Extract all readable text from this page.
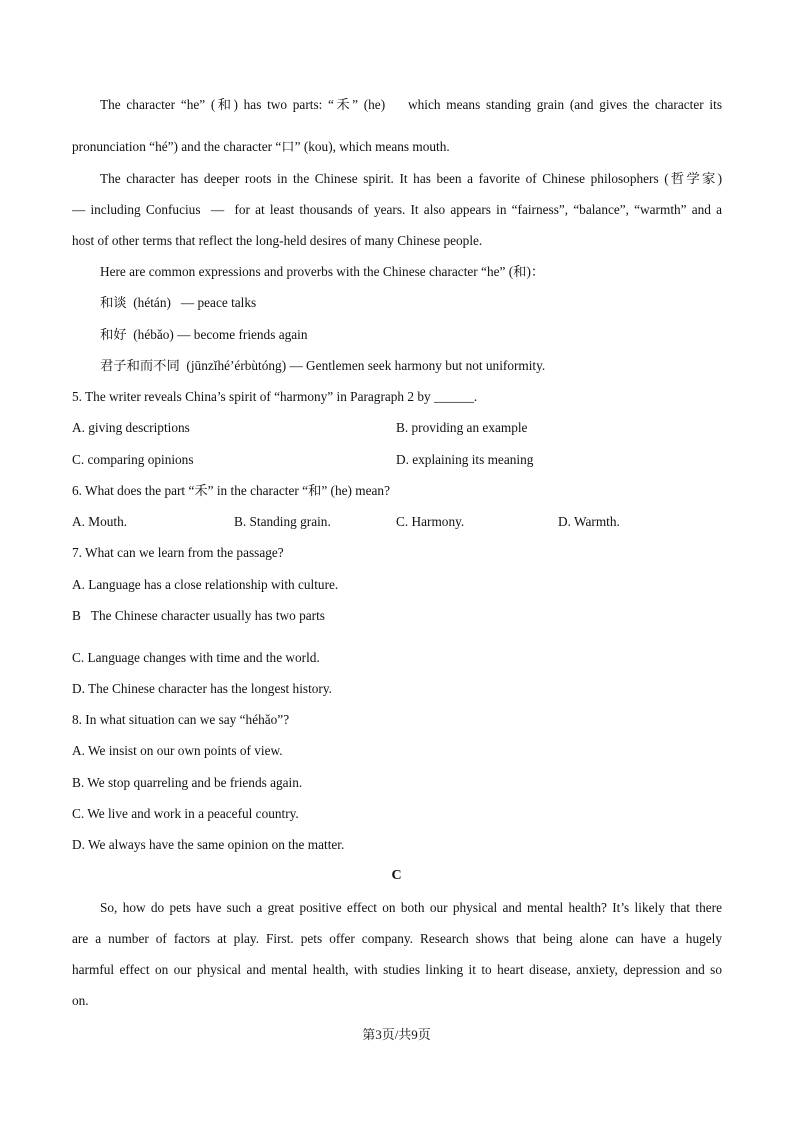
The character “he” (和) has two parts: “禾” (he)    which means standing grain (and gives the character its
pronunciation “hé”) and the character “口” (kou), which means mouth.
The character has deeper roots in the Chinese spirit. It has been a favorite of Chinese philosophers (哲学家)
— including Confucius  —  for at least thousands of years. It also appears in “fairness”, “balance”, “warmth” and a
host of other terms that reflect the long-held desires of many Chinese people.
Here are common expressions and proverbs with the Chinese character “he” (和)：
和谈  (hétán)   — peace talks
和好  (hébǎo) — become friends again
君子和而不同  (jūnzǐhé’érbùtóng) — Gentlemen seek harmony but not uniformity.
5. The writer reveals China’s spirit of “harmony” in Paragraph 2 by ______.
A. giving descriptions	B. providing an example
C. comparing opinions	D. explaining its meaning
6. What does the part “禾” in the character “和” (he) mean?
A. Mouth.	B. Standing grain.	C. Harmony.	D. Warmth.
7. What can we learn from the passage?
A. Language has a close relationship with culture.
B   The Chinese character usually has two parts
C. Language changes with time and the world.
D. The Chinese character has the longest history.
8. In what situation can we say “héhǎo”?
A. We insist on our own points of view.
B. We stop quarreling and be friends again.
C. We live and work in a peaceful country.
D. We always have the same opinion on the matter.
C
So, how do pets have such a great positive effect on both our physical and mental health? It’s likely that there
are a number of factors at play. First. pets offer company. Research shows that being alone can have a hugely
harmful effect on our physical and mental health, with studies linking it to heart disease, anxiety, depression and so
on.
第3页/共9页
